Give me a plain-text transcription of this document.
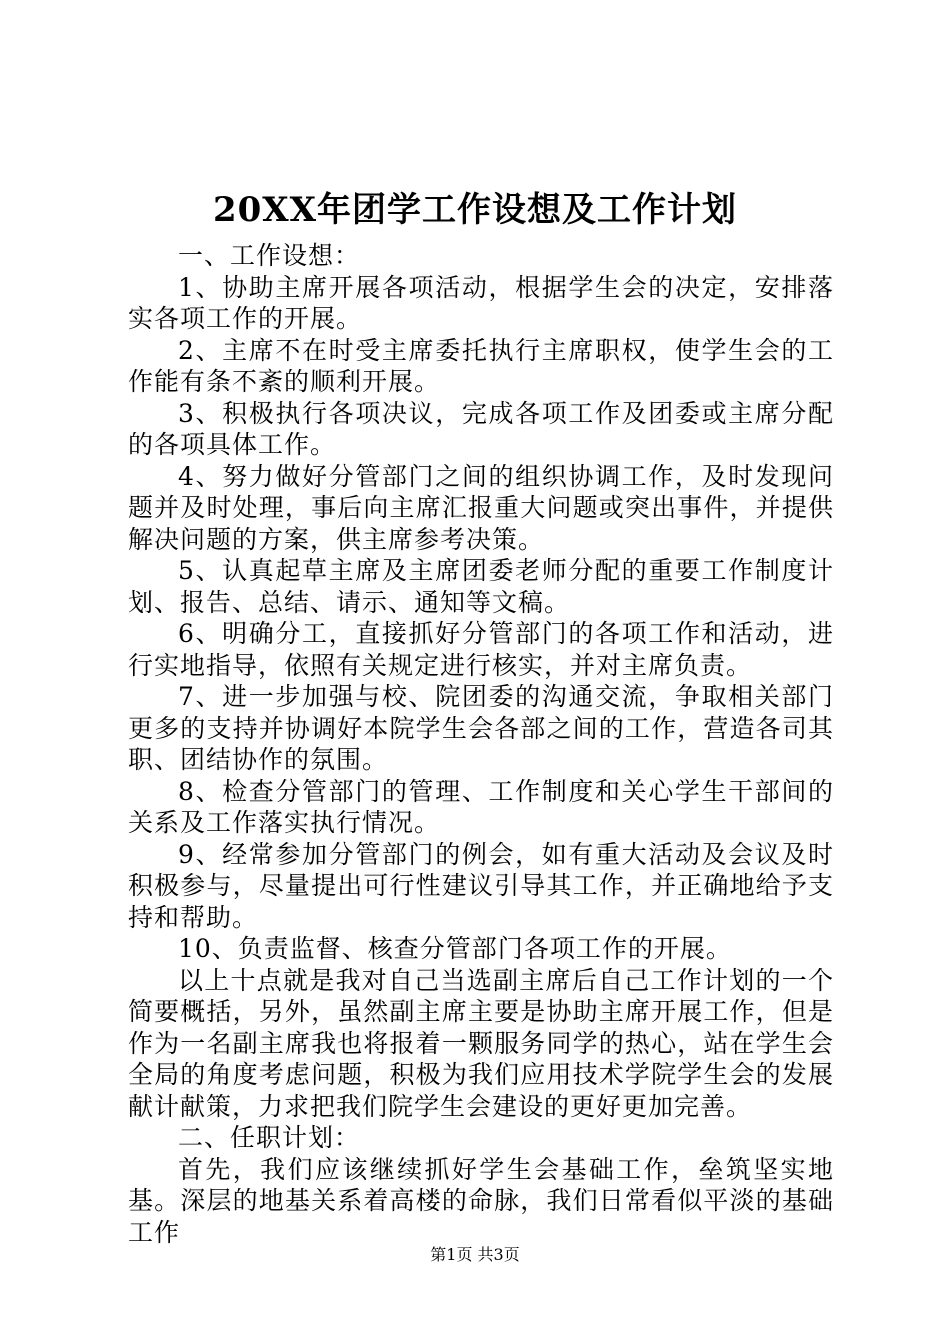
20XX年团学工作设想及工作计划

一、工作设想：

1、协助主席开展各项活动，根据学生会的决定，安排落实各项工作的开展。

2、主席不在时受主席委托执行主席职权，使学生会的工作能有条不紊的顺利开展。

3、积极执行各项决议，完成各项工作及团委或主席分配的各项具体工作。

4、努力做好分管部门之间的组织协调工作，及时发现问题并及时处理，事后向主席汇报重大问题或突出事件，并提供解决问题的方案，供主席参考决策。

5、认真起草主席及主席团委老师分配的重要工作制度计划、报告、总结、请示、通知等文稿。

6、明确分工，直接抓好分管部门的各项工作和活动，进行实地指导，依照有关规定进行核实，并对主席负责。

7、进一步加强与校、院团委的沟通交流，争取相关部门更多的支持并协调好本院学生会各部之间的工作，营造各司其职、团结协作的氛围。

8、检查分管部门的管理、工作制度和关心学生干部间的关系及工作落实执行情况。

9、经常参加分管部门的例会，如有重大活动及会议及时积极参与，尽量提出可行性建议引导其工作，并正确地给予支持和帮助。

10、负责监督、核查分管部门各项工作的开展。

以上十点就是我对自己当选副主席后自己工作计划的一个简要概括，另外，虽然副主席主要是协助主席开展工作，但是作为一名副主席我也将报着一颗服务同学的热心，站在学生会全局的角度考虑问题，积极为我们应用技术学院学生会的发展献计献策，力求把我们院学生会建设的更好更加完善。

二、任职计划：

首先，我们应该继续抓好学生会基础工作，垒筑坚实地基。深层的地基关系着高楼的命脉，我们日常看似平淡的基础工作

第1页 共3页
